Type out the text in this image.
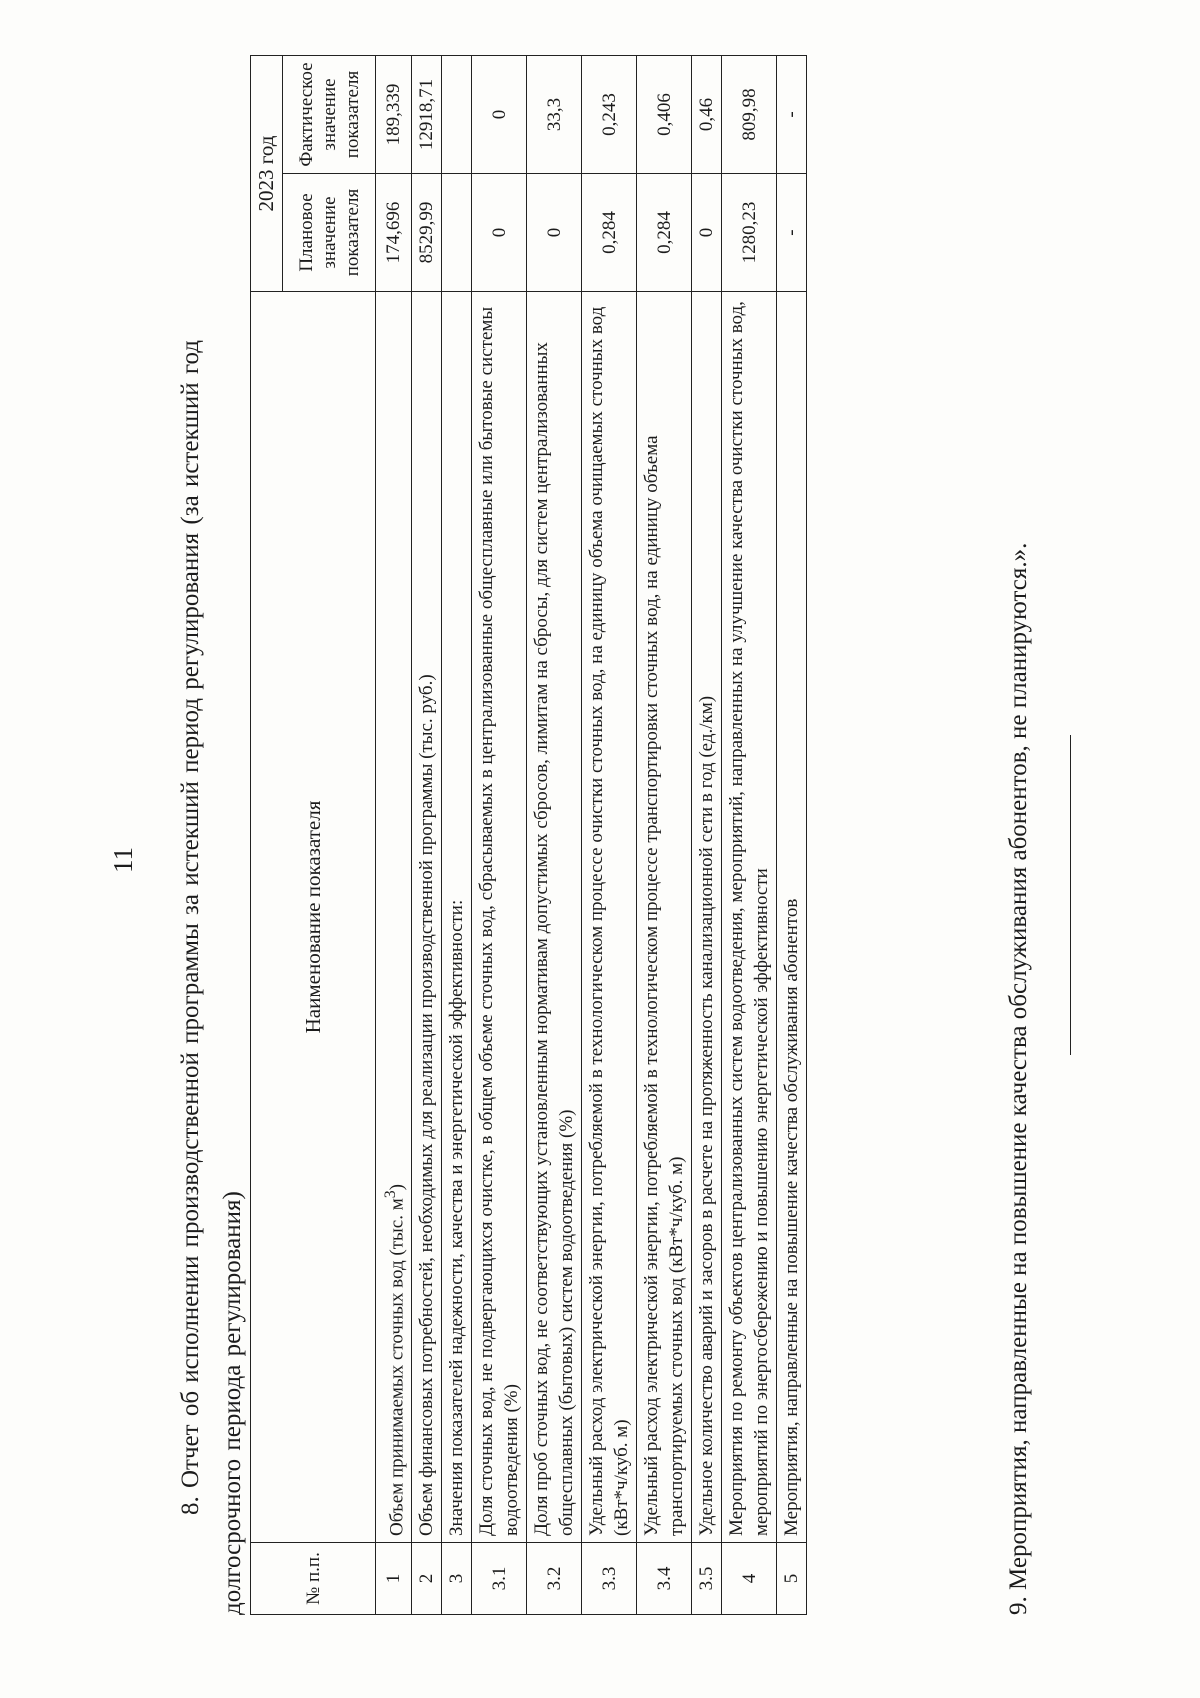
11 8. Отчет об исполнении производственной программы за истекший период регулирования (за истекший год долгосрочного периода регулирования)	№ п.п.	Наименование показателя	2023 год	
		Плановое значение показателя	Фактическое значение показателя
1	Объем принимаемых сточных вод (тыс. $м^3$)	174,696	189,339
2	Объем финансовых потребностей, необходимых для реализации производственной программы (тыс. руб.)	8529,99	12918,71
3	Значения показателей надежности, качества и энергетической эффективности:		
3.1	Доля сточных вод, не подвергающихся очистке, в общем объеме сточных вод, сбрасываемых в централизованные общесплавные или бытовые системы водоотведения (%)	0	0
3.2	Доля проб сточных вод, не соответствующих установленным нормативам допустимых сбросов, лимитам на сбросы, для систем централизованных общесплавных (бытовых) систем водоотведения (%)	0	33,3
3.3	Удельный расход электрической энергии, потребляемой в технологическом процессе очистки сточных вод, на единицу объема очищаемых сточных вод (кВт*ч/куб. м)	0,284	0,243
3.4	Удельный расход электрической энергии, потребляемой в технологическом процессе транспортировки сточных вод, на единицу объема транспортируемых сточных вод (кВт*ч/куб. м)	0,284	0,406
3.5	Удельное количество аварий и засоров в расчете на протяженность канализационной сети в год (ед./км)	0	0,46
4	Мероприятия по ремонту объектов централизованных систем водоотведения, мероприятий, направленных на улучшение качества очистки сточных вод, мероприятий по энергосбережению и повышению энергетической эффективности	1280,23	809,98
5	Мероприятия, направленные на повышение качества обслуживания абонентов	-	-
9. Мероприятия, направленные на повышение качества обслуживания абонентов, не планируются.».
